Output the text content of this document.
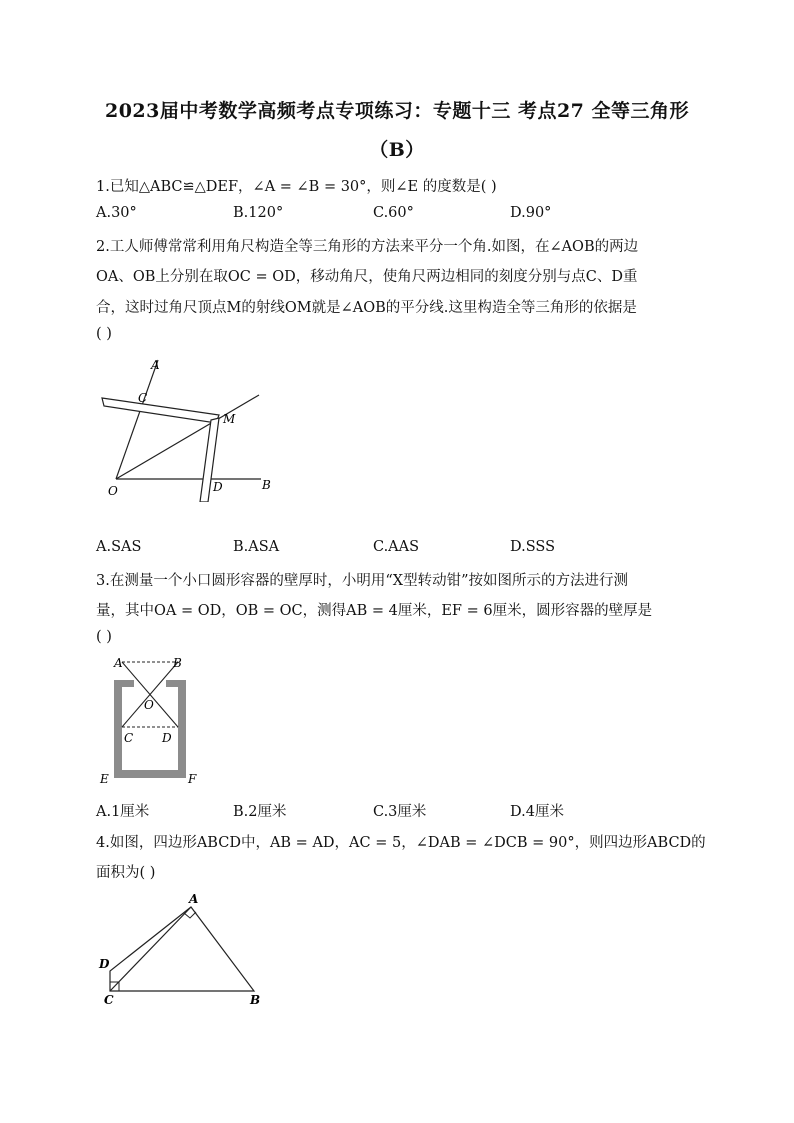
2023届中考数学高频考点专项练习：专题十三 考点27 全等三角形
（B）
1.已知△ABC≌△DEF，∠A = ∠B = 30°，则∠E 的度数是( )
A.30°	B.120°	C.60°	D.90°
2.工人师傅常常利用角尺构造全等三角形的方法来平分一个角.如图，在∠AOB的两边
OA、OB上分别在取OC = OD，移动角尺，使角尺两边相同的刻度分别与点C、D重
合，这时过角尺顶点M的射线OM就是∠AOB的平分线.这里构造全等三角形的依据是
( )
A
C
M
O	D	B
A.SAS	B.ASA	C.AAS	D.SSS
3.在测量一个小口圆形容器的壁厚时，小明用“X型转动钳”按如图所示的方法进行测
量，其中OA = OD，OB = OC，测得AB = 4厘米，EF = 6厘米，圆形容器的壁厚是
( )
A	B
O
C D
E	F
A.1厘米	B.2厘米	C.3厘米	D.4厘米
4.如图，四边形ABCD中，AB = AD，AC = 5，∠DAB = ∠DCB = 90°，则四边形ABCD的
面积为( )
A
D
C	B
